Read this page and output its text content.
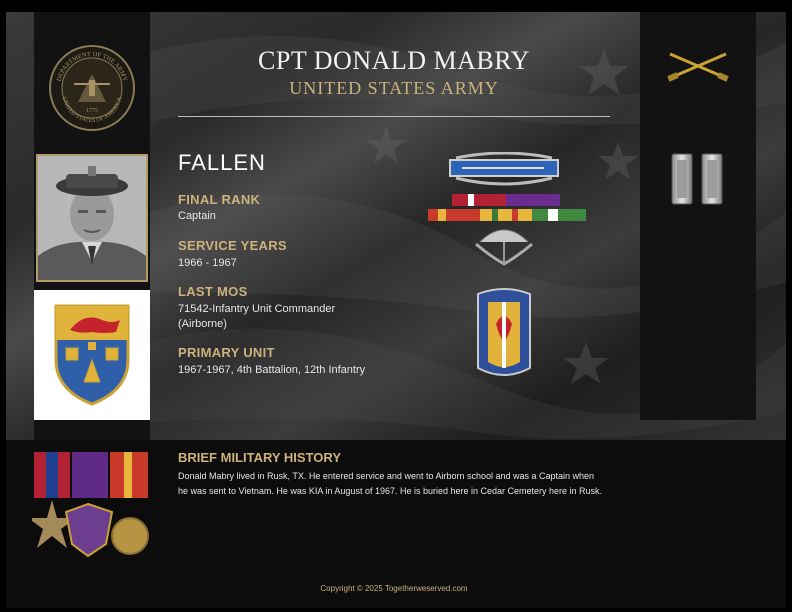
DEPARTMENT OF THE ARMY
UNITED STATES OF AMERICA
1775
CPT DONALD MABRY
UNITED STATES ARMY
FALLEN
FINAL RANK
Captain
SERVICE YEARS
1966 - 1967
LAST MOS
71542-Infantry Unit Commander
(Airborne)
PRIMARY UNIT
1967-1967, 4th Battalion, 12th Infantry
BRIEF MILITARY HISTORY
Donald Mabry lived in Rusk, TX. He entered service and went to Airborn school and was a Captain when
he was sent to Vietnam. He was KIA in August of 1967. He is buried here in Cedar Cemetery here in Rusk.
Copyright © 2025 Togetherweserved.com
